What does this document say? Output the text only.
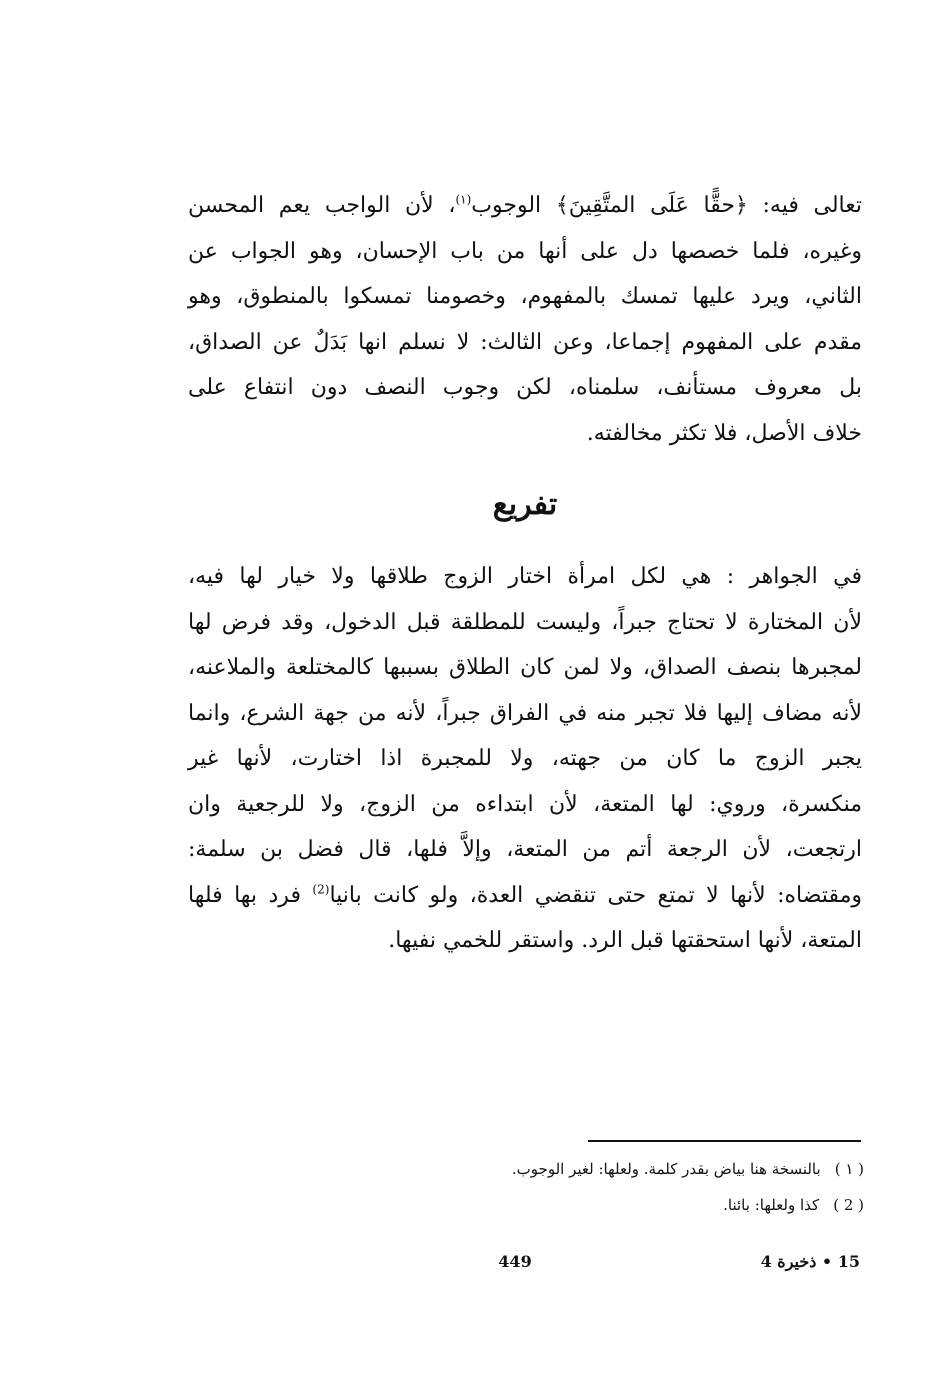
تعالى فيه: ﴿حقًّا عَلَى المتَّقِينَ﴾ الوجوب$^{(١)}$، لأن الواجب يعم المحسن
وغيره، فلما خصصها دل على أنها من باب الإحسان، وهو الجواب عن
الثاني، ويرد عليها تمسك بالمفهوم، وخصومنا تمسكوا بالمنطوق، وهو
مقدم على المفهوم إجماعا، وعن الثالث: لا نسلم انها بَدَلٌ عن الصداق،
بل معروف مستأنف، سلمناه، لكن وجوب النصف دون انتفاع على
خلاف الأصل، فلا تكثر مخالفته.
تفريع
في الجواهر : هي لكل امرأة اختار الزوج طلاقها ولا خيار لها فيه،
لأن المختارة لا تحتاج جبراً، وليست للمطلقة قبل الدخول، وقد فرض لها
لمجبرها بنصف الصداق، ولا لمن كان الطلاق بسببها كالمختلعة والملاعنه،
لأنه مضاف إليها فلا تجبر منه في الفراق جبراً، لأنه من جهة الشرع، وانما
يجبر الزوج ما كان من جهته، ولا للمجبرة اذا اختارت، لأنها غير
منكسرة، وروي: لها المتعة، لأن ابتداءه من الزوج، ولا للرجعية وان
ارتجعت، لأن الرجعة أتم من المتعة، وإلاَّ فلها، قال فضل بن سلمة:
ومقتضاه: لأنها لا تمتع حتى تنقضي العدة، ولو كانت بانيا$^{(2)}$ فرد بها فلها
المتعة، لأنها استحقتها قبل الرد. واستقر للخمي نفيها.
( ١ )بالنسخة هنا بياض بقدر كلمة. ولعلها: لغير الوجوب.
( 2 )كذا ولعلها: بائنا.
449	15 • ذخيرة 4
